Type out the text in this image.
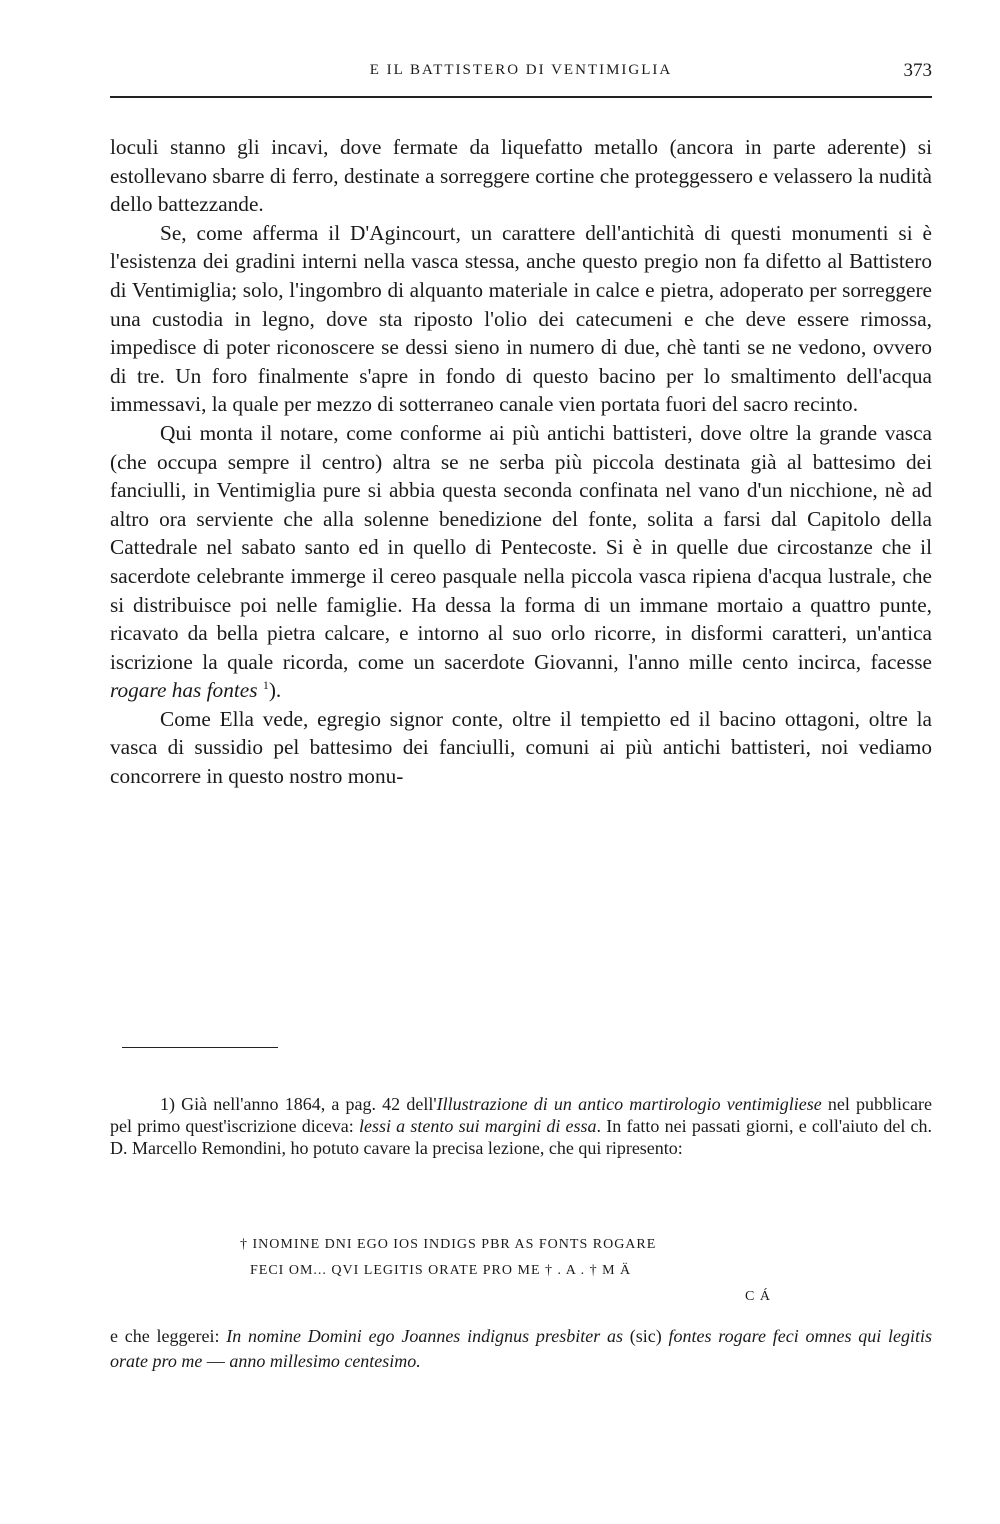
E IL BATTISTERO DI VENTIMIGLIA	373

loculi stanno gli incavi, dove fermate da liquefatto metallo (ancora in parte aderente) si estollevano sbarre di ferro, destinate a sorreggere cortine che proteggessero e velassero la nudità dello battezzande.

Se, come afferma il D'Agincourt, un carattere dell'antichità di questi monumenti si è l'esistenza dei gradini interni nella vasca stessa, anche questo pregio non fa difetto al Battistero di Ventimiglia; solo, l'ingombro di alquanto materiale in calce e pietra, adoperato per sorreggere una custodia in legno, dove sta riposto l'olio dei catecumeni e che deve essere rimossa, impedisce di poter riconoscere se dessi sieno in numero di due, chè tanti se ne vedono, ovvero di tre. Un foro finalmente s'apre in fondo di questo bacino per lo smaltimento dell'acqua immessavi, la quale per mezzo di sotterraneo canale vien portata fuori del sacro recinto.

Qui monta il notare, come conforme ai più antichi battisteri, dove oltre la grande vasca (che occupa sempre il centro) altra se ne serba più piccola destinata già al battesimo dei fanciulli, in Ventimiglia pure si abbia questa seconda confinata nel vano d'un nicchione, nè ad altro ora serviente che alla solenne benedizione del fonte, solita a farsi dal Capitolo della Cattedrale nel sabato santo ed in quello di Pentecoste. Si è in quelle due circostanze che il sacerdote celebrante immerge il cereo pasquale nella piccola vasca ripiena d'acqua lustrale, che si distribuisce poi nelle famiglie. Ha dessa la forma di un immane mortaio a quattro punte, ricavato da bella pietra calcare, e intorno al suo orlo ricorre, in disformi caratteri, un'antica iscrizione la quale ricorda, come un sacerdote Giovanni, l'anno mille cento incirca, facesse rogare has fontes $^1$).

Come Ella vede, egregio signor conte, oltre il tempietto ed il bacino ottagoni, oltre la vasca di sussidio pel battesimo dei fanciulli, comuni ai più antichi battisteri, noi vediamo concorrere in questo nostro monu-

1) Già nell'anno 1864, a pag. 42 dell'Illustrazione di un antico martirologio ventimigliese nel pubblicare pel primo quest'iscrizione diceva: lessi a stento sui margini di essa. In fatto nei passati giorni, e coll'aiuto del ch. D. Marcello Remondini, ho potuto cavare la precisa lezione, che qui ripresento:

† INOMINE DNI EGO IOS INDIGS PBR AS FONTS ROGARE
FECI OM... QVI LEGITIS ORATE PRO ME † . A . † M Ä
C Á

e che leggerei: In nomine Domini ego Joannes indignus presbiter as (sic) fontes rogare feci omnes qui legitis orate pro me — anno millesimo centesimo.
